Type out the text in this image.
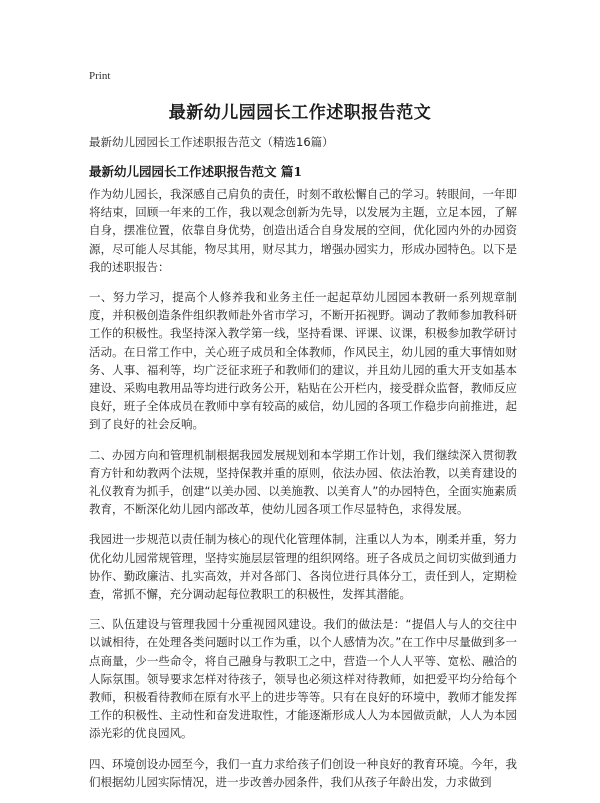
Print
最新幼儿园园长工作述职报告范文
最新幼儿园园长工作述职报告范文（精选16篇）
最新幼儿园园长工作述职报告范文 篇1

作为幼儿园长，我深感自己肩负的责任，时刻不敢松懈自己的学习。转眼间，一年即将结束，回顾一年来的工作，我以观念创新为先导，以发展为主题，立足本园，了解自身，摆准位置，依靠自身优势，创造出适合自身发展的空间，优化园内外的办园资源，尽可能人尽其能，物尽其用，财尽其力，增强办园实力，形成办园特色。以下是我的述职报告：

一、努力学习，提高个人修养我和业务主任一起起草幼儿园园本教研一系列规章制度，并积极创造条件组织教师赴外省市学习，不断开拓视野。调动了教师参加教科研工作的积极性。我坚持深入教学第一线，坚持看课、评课、议课，积极参加教学研讨活动。在日常工作中，关心班子成员和全体教师，作风民主，幼儿园的重大事情如财务、人事、福利等，均广泛征求班子和教师们的建议，并且幼儿园的重大开支如基本建设、采购电教用品等均进行政务公开，粘贴在公开栏内，接受群众监督，教师反应良好，班子全体成员在教师中享有较高的威信，幼儿园的各项工作稳步向前推进，起到了良好的社会反响。

二、办园方向和管理机制根据我园发展规划和本学期工作计划，我们继续深入贯彻教育方针和幼教两个法规，坚持保教并重的原则，依法办园、依法治教，以美育建设的礼仪教育为抓手，创建“以美办园、以美施教、以美育人”的办园特色，全面实施素质教育，不断深化幼儿园内部改革，使幼儿园各项工作尽显特色，求得发展。

我园进一步规范以责任制为核心的现代化管理体制，注重以人为本，刚柔并重，努力优化幼儿园常规管理，坚持实施层层管理的组织网络。班子各成员之间切实做到通力协作、勤政廉洁、扎实高效，并对各部门、各岗位进行具体分工，责任到人，定期检查，常抓不懈，充分调动起每位教职工的积极性，发挥其潜能。

三、队伍建设与管理我园十分重视园风建设。我们的做法是：“提倡人与人的交往中以诚相待，在处理各类问题时以工作为重，以个人感情为次。”在工作中尽量做到多一点商量，少一些命令，将自己融身与教职工之中，营造一个人人平等、宽松、融洽的人际氛围。领导要求怎样对待孩子，领导也必须这样对待教师，如把爱平均分给每个教师，积极看待教师在原有水平上的进步等等。只有在良好的环境中，教师才能发挥工作的积极性、主动性和奋发进取性，才能逐渐形成人人为本园做贡献，人人为本园添光彩的优良园风。

四、环境创设办园至今，我们一直力求给孩子们创设一种良好的教育环境。今年，我们根据幼儿园实际情况，进一步改善办园条件，我们从孩子年龄出发，力求做到
